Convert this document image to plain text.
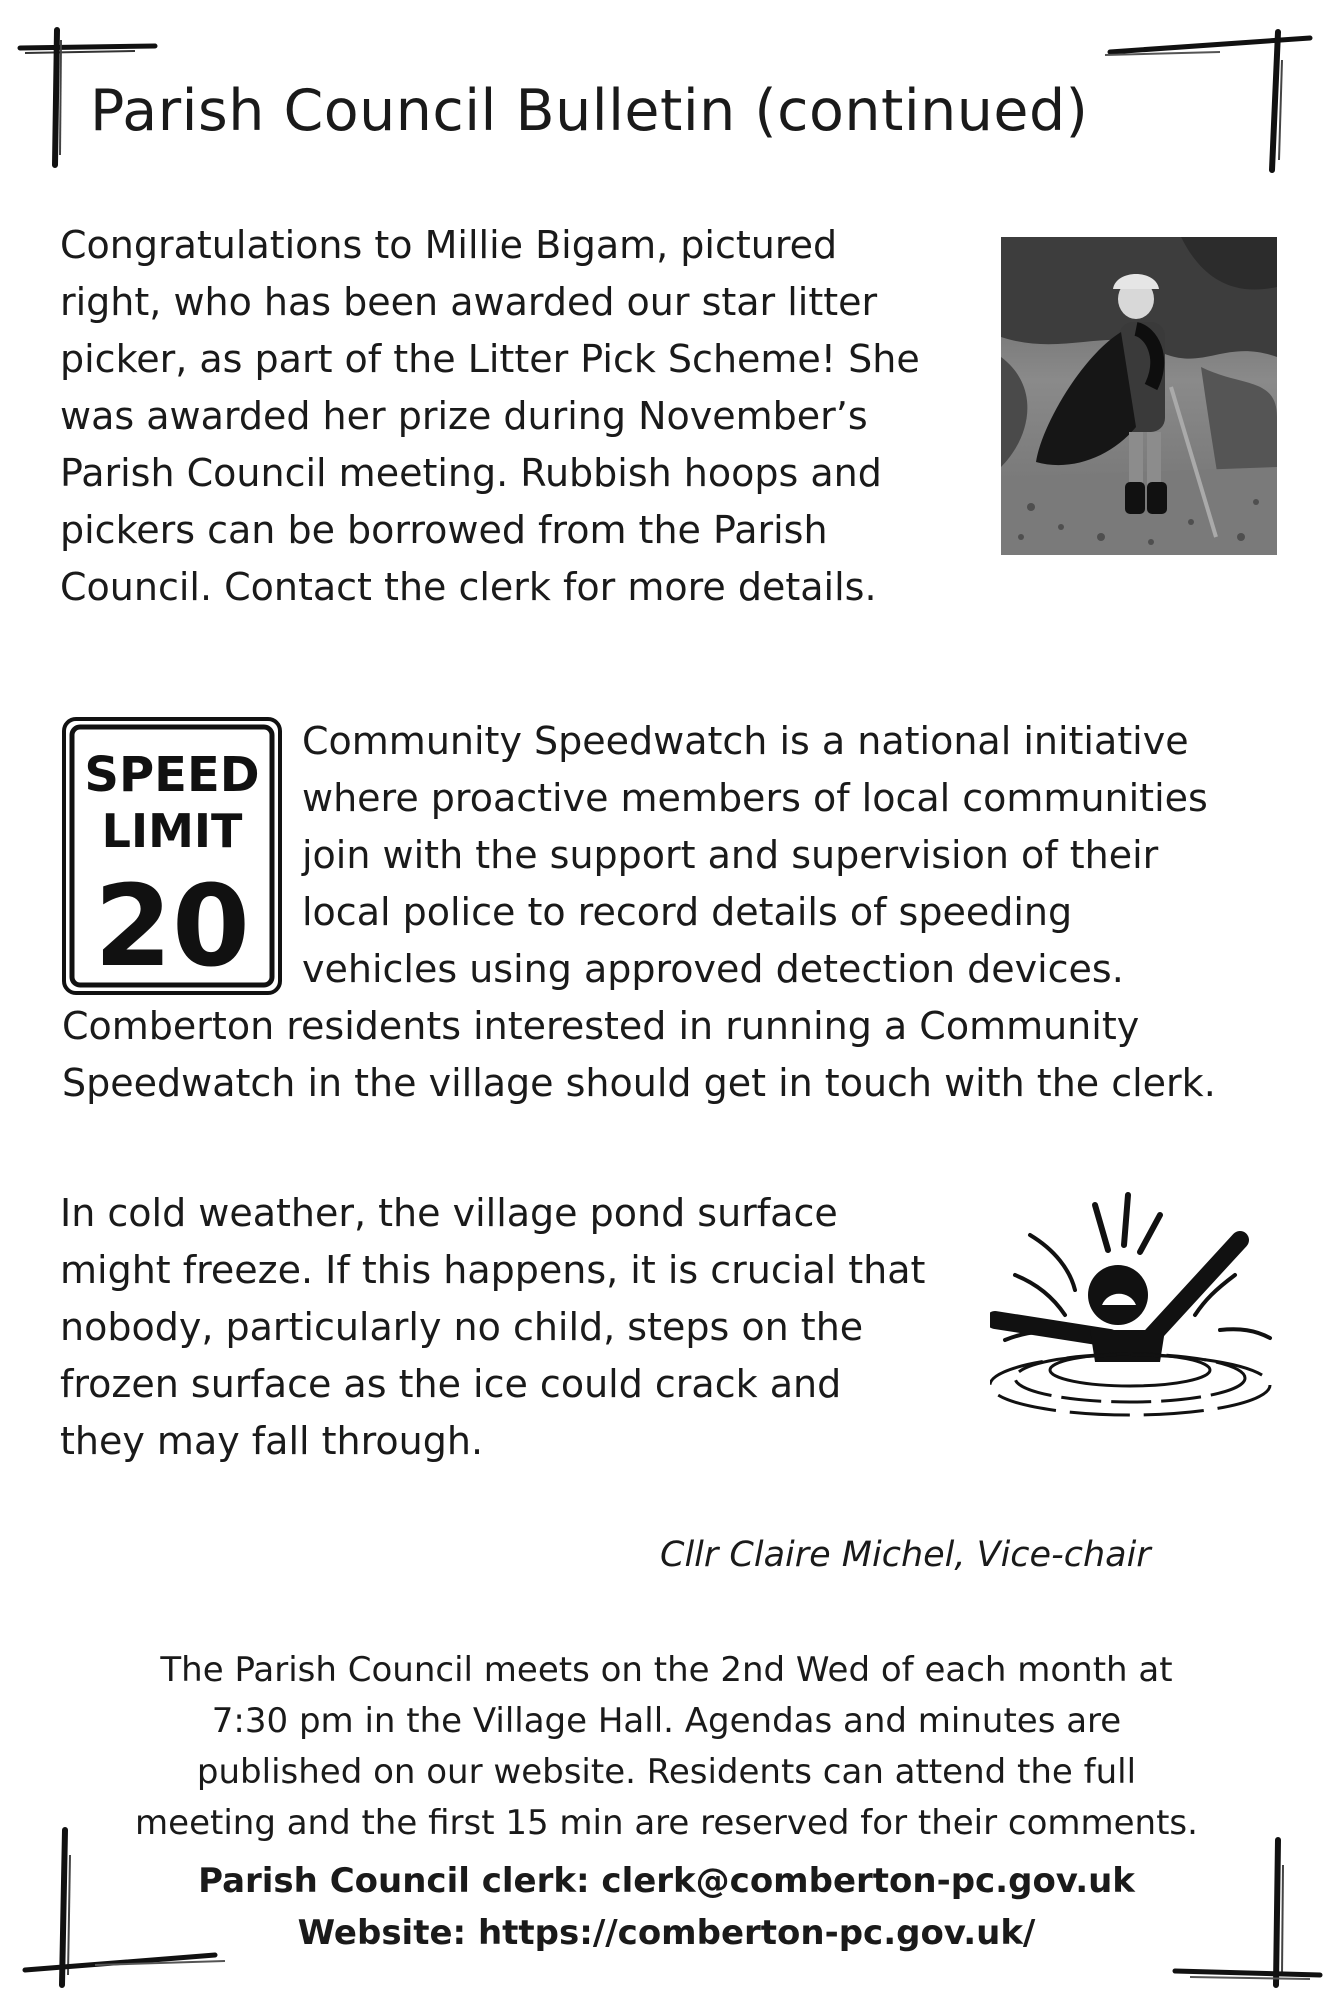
Parish Council Bulletin (continued)

Congratulations to Millie Bigam, pictured
right, who has been awarded our star litter
picker, as part of the Litter Pick Scheme! She
was awarded her prize during November’s
Parish Council meeting. Rubbish hoops and
pickers can be borrowed from the Parish
Council. Contact the clerk for more details.

SPEED
LIMIT
20

Community Speedwatch is a national initiative
where proactive members of local communities
join with the support and supervision of their
local police to record details of speeding
vehicles using approved detection devices.
Comberton residents interested in running a Community
Speedwatch in the village should get in touch with the clerk.

In cold weather, the village pond surface
might freeze. If this happens, it is crucial that
nobody, particularly no child, steps on the
frozen surface as the ice could crack and
they may fall through.

Cllr Claire Michel, Vice-chair
The Parish Council meets on the 2nd Wed of each month at
7:30 pm in the Village Hall. Agendas and minutes are
published on our website. Residents can attend the full
meeting and the first 15 min are reserved for their comments.
Parish Council clerk: clerk@comberton-pc.gov.uk
Website: https://comberton-pc.gov.uk/
